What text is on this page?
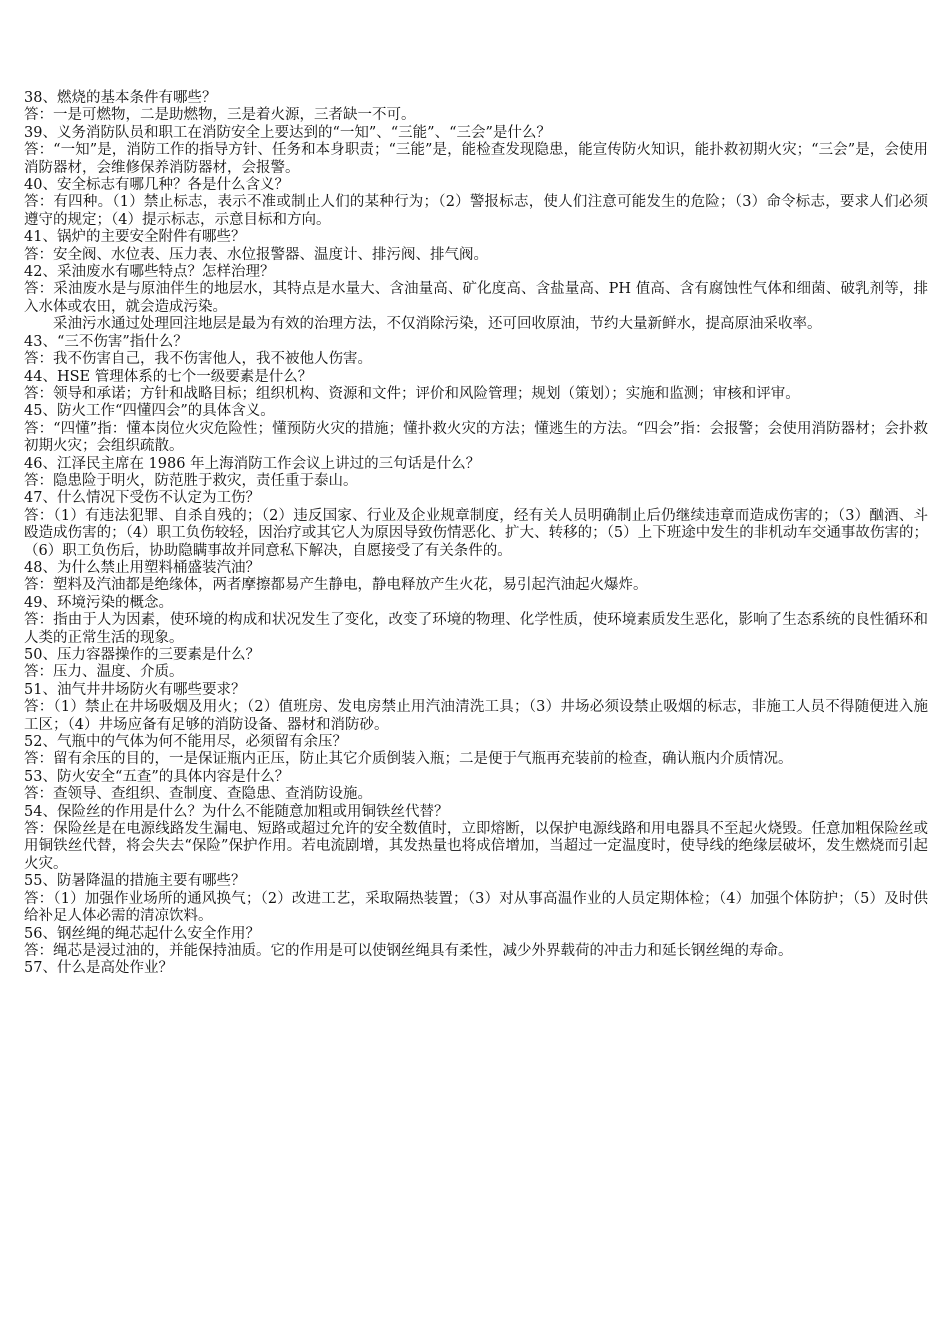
38、燃烧的基本条件有哪些？

答：一是可燃物，二是助燃物，三是着火源，三者缺一不可。

39、义务消防队员和职工在消防安全上要达到的“一知”、“三能”、“三会”是什么？

答：“一知”是，消防工作的指导方针、任务和本身职责；“三能”是，能检查发现隐患，能宣传防火知识，能扑救初期火灾；“三会”是，会使用消防器材，会维修保养消防器材，会报警。

40、安全标志有哪几种？各是什么含义？

答：有四种。（1）禁止标志，表示不准或制止人们的某种行为；（2）警报标志，使人们注意可能发生的危险；（3）命令标志，要求人们必须遵守的规定；（4）提示标志，示意目标和方向。

41、锅炉的主要安全附件有哪些？

答：安全阀、水位表、压力表、水位报警器、温度计、排污阀、排气阀。

42、采油废水有哪些特点？怎样治理？

答：采油废水是与原油伴生的地层水，其特点是水量大、含油量高、矿化度高、含盐量高、PH 值高、含有腐蚀性气体和细菌、破乳剂等，排入水体或农田，就会造成污染。

采油污水通过处理回注地层是最为有效的治理方法，不仅消除污染，还可回收原油，节约大量新鲜水，提高原油采收率。

43、“三不伤害”指什么？

答：我不伤害自己，我不伤害他人，我不被他人伤害。

44、HSE 管理体系的七个一级要素是什么？

答：领导和承诺；方针和战略目标；组织机构、资源和文件；评价和风险管理；规划（策划）；实施和监测；审核和评审。

45、防火工作“四懂四会”的具体含义。

答：“四懂”指：懂本岗位火灾危险性；懂预防火灾的措施；懂扑救火灾的方法；懂逃生的方法。“四会”指：会报警；会使用消防器材；会扑救初期火灾；会组织疏散。

46、江泽民主席在 1986 年上海消防工作会议上讲过的三句话是什么？

答：隐患险于明火，防范胜于救灾，责任重于泰山。

47、什么情况下受伤不认定为工伤？

答：（1）有违法犯罪、自杀自残的；（2）违反国家、行业及企业规章制度，经有关人员明确制止后仍继续违章而造成伤害的；（3）酗酒、斗殴造成伤害的；（4）职工负伤较轻，因治疗或其它人为原因导致伤情恶化、扩大、转移的；（5）上下班途中发生的非机动车交通事故伤害的；（6）职工负伤后，协助隐瞒事故并同意私下解决，自愿接受了有关条件的。

48、为什么禁止用塑料桶盛装汽油？

答：塑料及汽油都是绝缘体，两者摩擦都易产生静电，静电释放产生火花，易引起汽油起火爆炸。

49、环境污染的概念。

答：指由于人为因素，使环境的构成和状况发生了变化，改变了环境的物理、化学性质，使环境素质发生恶化，影响了生态系统的良性循环和人类的正常生活的现象。

50、压力容器操作的三要素是什么？

答：压力、温度、介质。

51、油气井井场防火有哪些要求？

答：（1）禁止在井场吸烟及用火；（2）值班房、发电房禁止用汽油清洗工具；（3）井场必须设禁止吸烟的标志，非施工人员不得随便进入施工区；（4）井场应备有足够的消防设备、器材和消防砂。

52、气瓶中的气体为何不能用尽，必须留有余压？

答：留有余压的目的，一是保证瓶内正压，防止其它介质倒装入瓶；二是便于气瓶再充装前的检查，确认瓶内介质情况。

53、防火安全“五查”的具体内容是什么？

答：查领导、查组织、查制度、查隐患、查消防设施。

54、保险丝的作用是什么？为什么不能随意加粗或用铜铁丝代替？

答：保险丝是在电源线路发生漏电、短路或超过允许的安全数值时，立即熔断，以保护电源线路和用电器具不至起火烧毁。任意加粗保险丝或用铜铁丝代替，将会失去“保险”保护作用。若电流剧增，其发热量也将成倍增加，当超过一定温度时，使导线的绝缘层破坏，发生燃烧而引起火灾。

55、防暑降温的措施主要有哪些？

答：（1）加强作业场所的通风换气；（2）改进工艺，采取隔热装置；（3）对从事高温作业的人员定期体检；（4）加强个体防护；（5）及时供给补足人体必需的清凉饮料。

56、钢丝绳的绳芯起什么安全作用？

答：绳芯是浸过油的，并能保持油质。它的作用是可以使钢丝绳具有柔性，减少外界载荷的冲击力和延长钢丝绳的寿命。

57、什么是高处作业？
